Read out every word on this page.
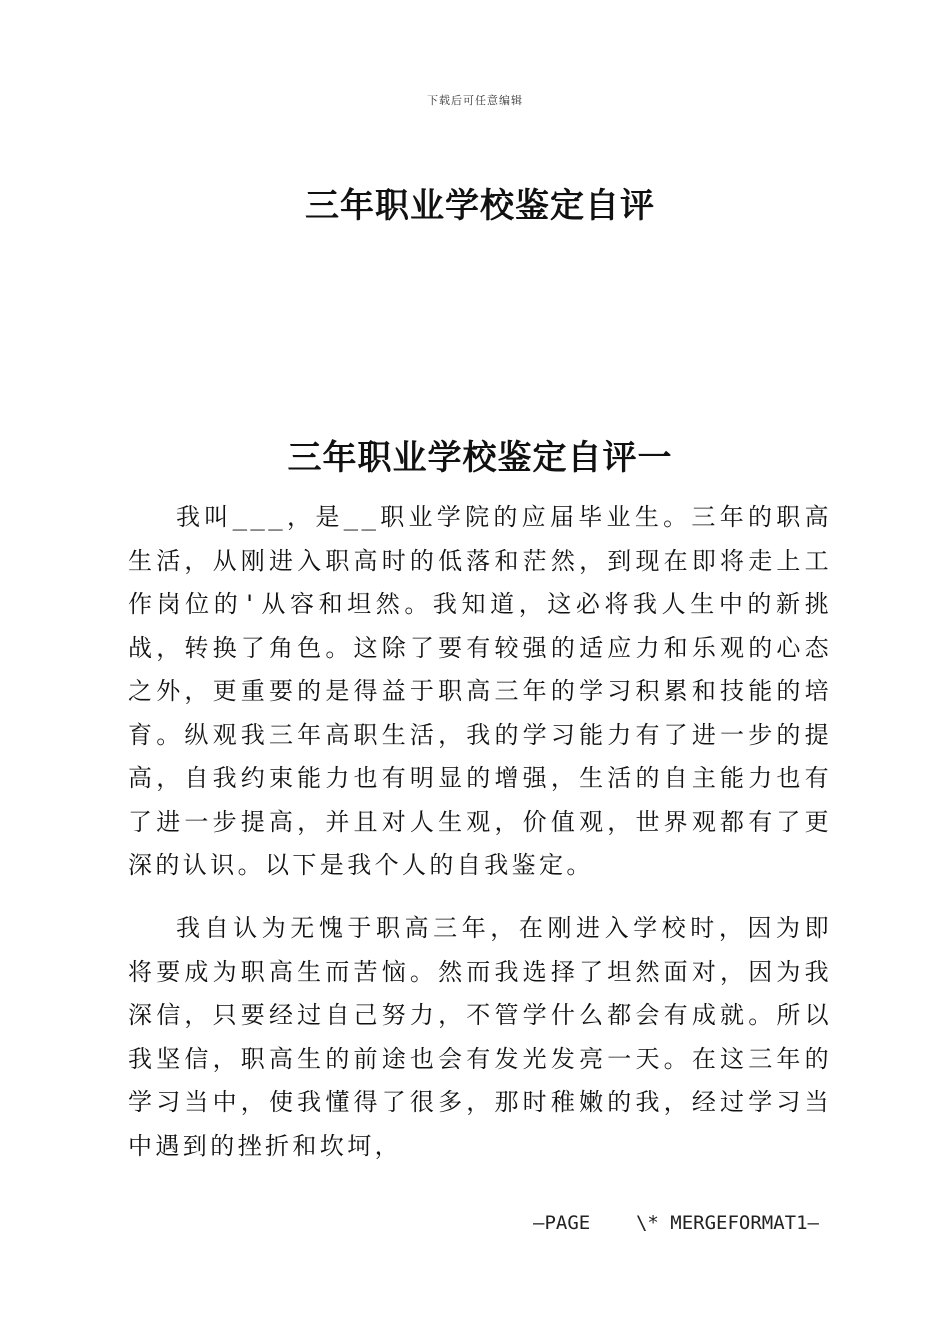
下载后可任意编辑
三年职业学校鉴定自评
三年职业学校鉴定自评一

我叫___，是__职业学院的应届毕业生。三年的职高生活，从刚进入职高时的低落和茫然，到现在即将走上工作岗位的'从容和坦然。我知道，这必将我人生中的新挑战，转换了角色。这除了要有较强的适应力和乐观的心态之外，更重要的是得益于职高三年的学习积累和技能的培育。纵观我三年高职生活，我的学习能力有了进一步的提高，自我约束能力也有明显的增强，生活的自主能力也有了进一步提高，并且对人生观，价值观，世界观都有了更深的认识。以下是我个人的自我鉴定。

我自认为无愧于职高三年，在刚进入学校时，因为即将要成为职高生而苦恼。然而我选择了坦然面对，因为我深信，只要经过自己努力，不管学什么都会有成就。所以我坚信，职高生的前途也会有发光发亮一天。在这三年的学习当中，使我懂得了很多，那时稚嫩的我，经过学习当中遇到的挫折和坎坷，

—PAGE    \* MERGEFORMAT1—
